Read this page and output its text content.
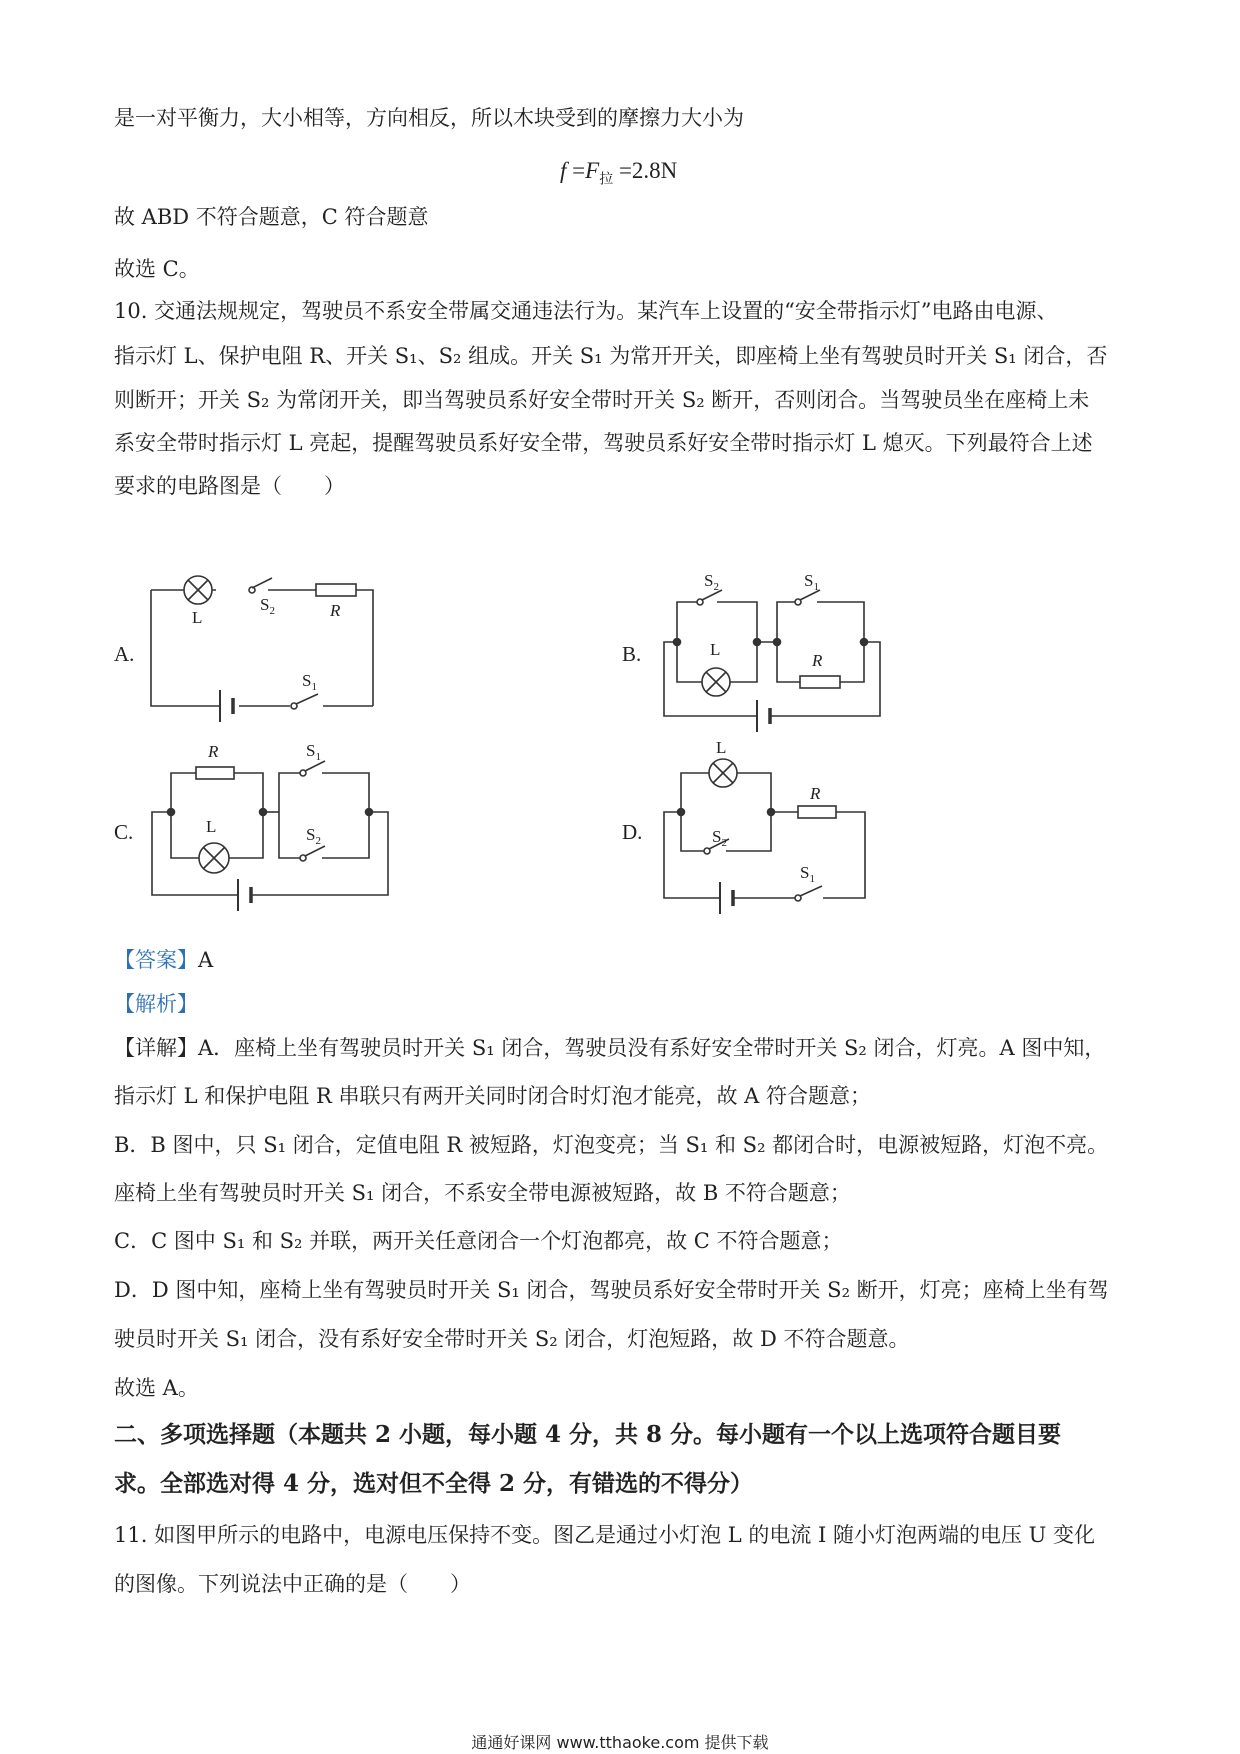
是一对平衡力，大小相等，方向相反，所以木块受到的摩擦力大小为
$f =F_拉 =2.8N$
故 ABD 不符合题意，C 符合题意
故选 C。
10. 交通法规规定，驾驶员不系安全带属交通违法行为。某汽车上设置的“安全带指示灯”电路由电源、
指示灯 L、保护电阻 R、开关 S₁、S₂ 组成。开关 S₁ 为常开开关，即座椅上坐有驾驶员时开关 S₁ 闭合，否
则断开；开关 S₂ 为常闭开关，即当驾驶员系好安全带时开关 S₂ 断开，否则闭合。当驾驶员坐在座椅上未
系安全带时指示灯 L 亮起，提醒驾驶员系好安全带，驾驶员系好安全带时指示灯 L 熄灭。下列最符合上述
要求的电路图是（　　）
A.	B.
C.	D.
L
$S_2$	R
$S_1$
$S_2$	$S_1$
L
R
R
L
$S_1$
$S_2$
L
R
$S_2$
$S_1$
【答案】A
【解析】
【详解】A．座椅上坐有驾驶员时开关 S₁ 闭合，驾驶员没有系好安全带时开关 S₂ 闭合，灯亮。A 图中知，
指示灯 L 和保护电阻 R 串联只有两开关同时闭合时灯泡才能亮，故 A 符合题意；
B．B 图中，只 S₁ 闭合，定值电阻 R 被短路，灯泡变亮；当 S₁ 和 S₂ 都闭合时，电源被短路，灯泡不亮。
座椅上坐有驾驶员时开关 S₁ 闭合，不系安全带电源被短路，故 B 不符合题意；
C．C 图中 S₁ 和 S₂ 并联，两开关任意闭合一个灯泡都亮，故 C 不符合题意；
D．D 图中知，座椅上坐有驾驶员时开关 S₁ 闭合，驾驶员系好安全带时开关 S₂ 断开，灯亮；座椅上坐有驾
驶员时开关 S₁ 闭合，没有系好安全带时开关 S₂ 闭合，灯泡短路，故 D 不符合题意。
故选 A。
二、多项选择题（本题共 2 小题，每小题 4 分，共 8 分。每小题有一个以上选项符合题目要
求。全部选对得 4 分，选对但不全得 2 分，有错选的不得分）
11. 如图甲所示的电路中，电源电压保持不变。图乙是通过小灯泡 L 的电流 I 随小灯泡两端的电压 U 变化
的图像。下列说法中正确的是（　　）
通通好课网 www.tthaoke.com 提供下载
